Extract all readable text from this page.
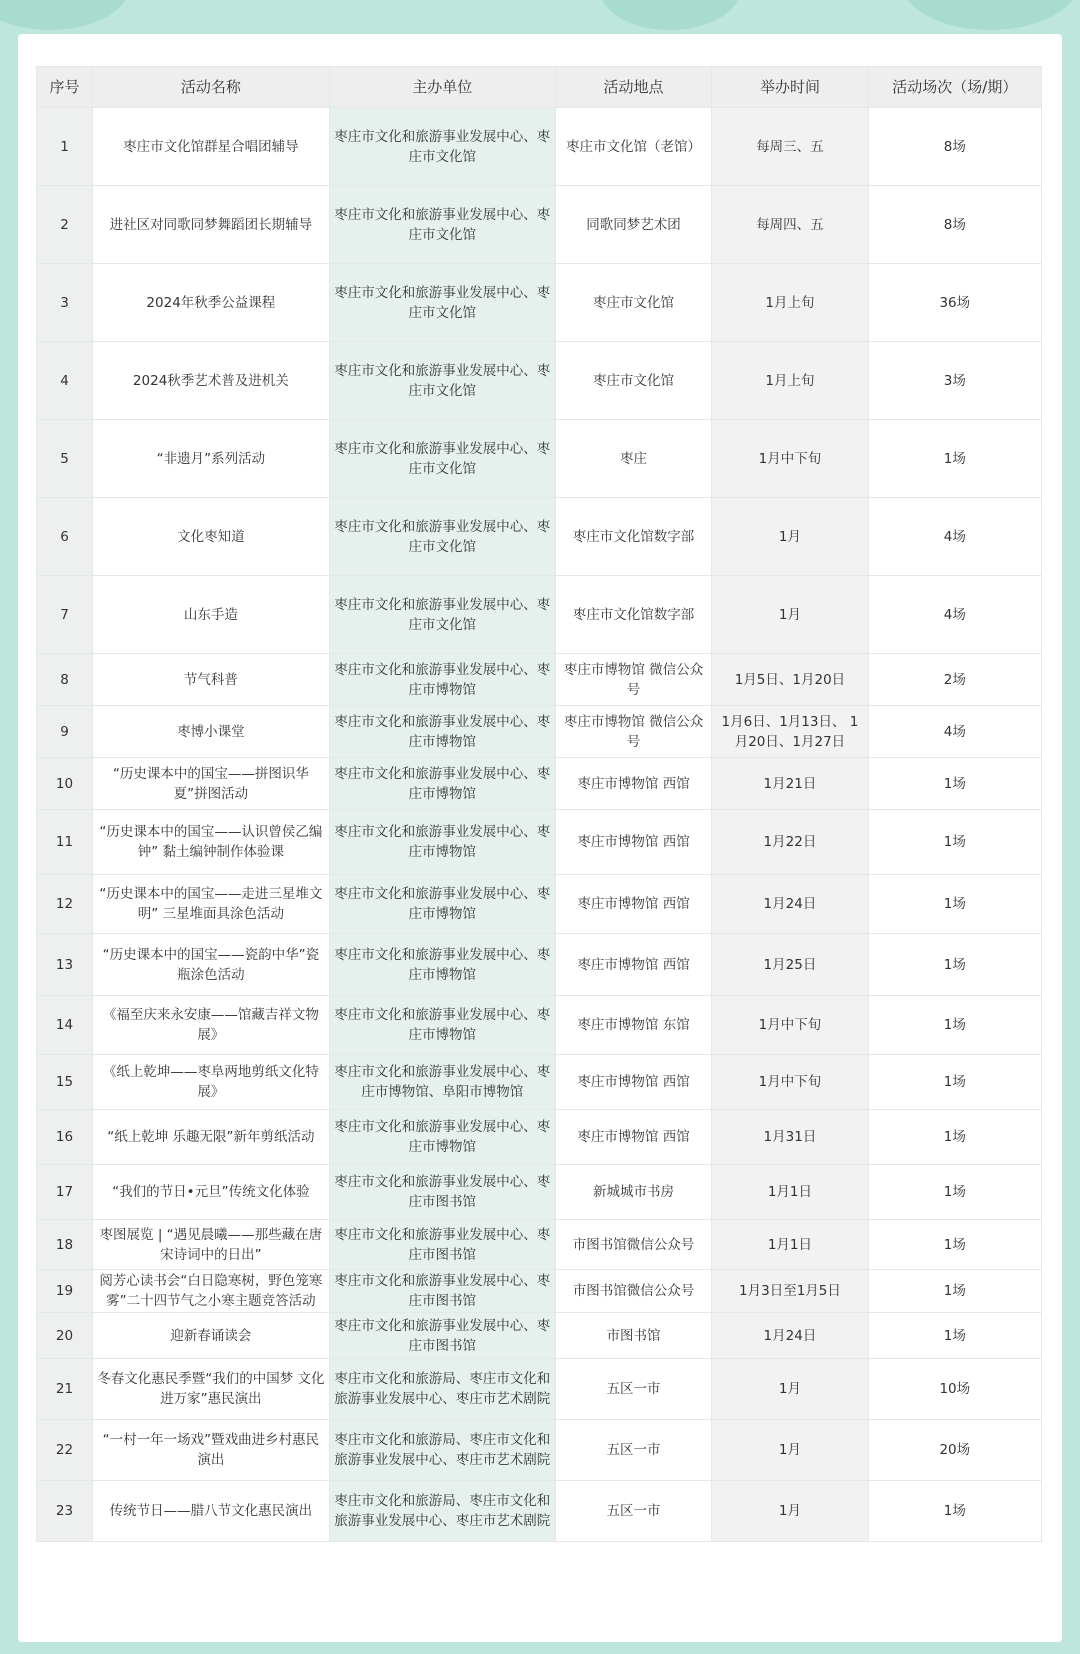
序号	活动名称	主办单位	活动地点	举办时间	活动场次（场/期）
1	枣庄市文化馆群星合唱团辅导	枣庄市文化和旅游事业发展中心、枣庄市文化馆	枣庄市文化馆（老馆）	每周三、五	8场
2	进社区对同歌同梦舞蹈团长期辅导	枣庄市文化和旅游事业发展中心、枣庄市文化馆	同歌同梦艺术团	每周四、五	8场
3	2024年秋季公益课程	枣庄市文化和旅游事业发展中心、枣庄市文化馆	枣庄市文化馆	1月上旬	36场
4	2024秋季艺术普及进机关	枣庄市文化和旅游事业发展中心、枣庄市文化馆	枣庄市文化馆	1月上旬	3场
5	“非遗月”系列活动	枣庄市文化和旅游事业发展中心、枣庄市文化馆	枣庄	1月中下旬	1场
6	文化枣知道	枣庄市文化和旅游事业发展中心、枣庄市文化馆	枣庄市文化馆数字部	1月	4场
7	山东手造	枣庄市文化和旅游事业发展中心、枣庄市文化馆	枣庄市文化馆数字部	1月	4场
8	节气科普	枣庄市文化和旅游事业发展中心、枣庄市博物馆	枣庄市博物馆 微信公众号	1月5日、1月20日	2场
9	枣博小课堂	枣庄市文化和旅游事业发展中心、枣庄市博物馆	枣庄市博物馆 微信公众号	1月6日、1月13日、 1月20日、1月27日	4场
10	“历史课本中的国宝——拼图识华夏”拼图活动	枣庄市文化和旅游事业发展中心、枣庄市博物馆	枣庄市博物馆 西馆	1月21日	1场
11	“历史课本中的国宝——认识曾侯乙编钟” 黏土编钟制作体验课	枣庄市文化和旅游事业发展中心、枣庄市博物馆	枣庄市博物馆 西馆	1月22日	1场
12	“历史课本中的国宝——走进三星堆文明” 三星堆面具涂色活动	枣庄市文化和旅游事业发展中心、枣庄市博物馆	枣庄市博物馆 西馆	1月24日	1场
13	“历史课本中的国宝——瓷韵中华”瓷瓶涂色活动	枣庄市文化和旅游事业发展中心、枣庄市博物馆	枣庄市博物馆 西馆	1月25日	1场
14	《福至庆来永安康——馆藏吉祥文物展》	枣庄市文化和旅游事业发展中心、枣庄市博物馆	枣庄市博物馆 东馆	1月中下旬	1场
15	《纸上乾坤——枣阜两地剪纸文化特展》	枣庄市文化和旅游事业发展中心、枣庄市博物馆、阜阳市博物馆	枣庄市博物馆 西馆	1月中下旬	1场
16	“纸上乾坤 乐趣无限”新年剪纸活动	枣庄市文化和旅游事业发展中心、枣庄市博物馆	枣庄市博物馆 西馆	1月31日	1场
17	“我们的节日•元旦”传统文化体验	枣庄市文化和旅游事业发展中心、枣庄市图书馆	新城城市书房	1月1日	1场
18	枣图展览 | “遇见晨曦——那些藏在唐宋诗词中的日出”	枣庄市文化和旅游事业发展中心、枣庄市图书馆	市图书馆微信公众号	1月1日	1场
19	阅芳心读书会“白日隐寒树，野色笼寒雾”二十四节气之小寒主题竞答活动	枣庄市文化和旅游事业发展中心、枣庄市图书馆	市图书馆微信公众号	1月3日至1月5日	1场
20	迎新春诵读会	枣庄市文化和旅游事业发展中心、枣庄市图书馆	市图书馆	1月24日	1场
21	冬春文化惠民季暨“我们的中国梦 文化进万家”惠民演出	枣庄市文化和旅游局、枣庄市文化和旅游事业发展中心、枣庄市艺术剧院	五区一市	1月	10场
22	“一村一年一场戏”暨戏曲进乡村惠民演出	枣庄市文化和旅游局、枣庄市文化和旅游事业发展中心、枣庄市艺术剧院	五区一市	1月	20场
23	传统节日——腊八节文化惠民演出	枣庄市文化和旅游局、枣庄市文化和旅游事业发展中心、枣庄市艺术剧院	五区一市	1月	1场
